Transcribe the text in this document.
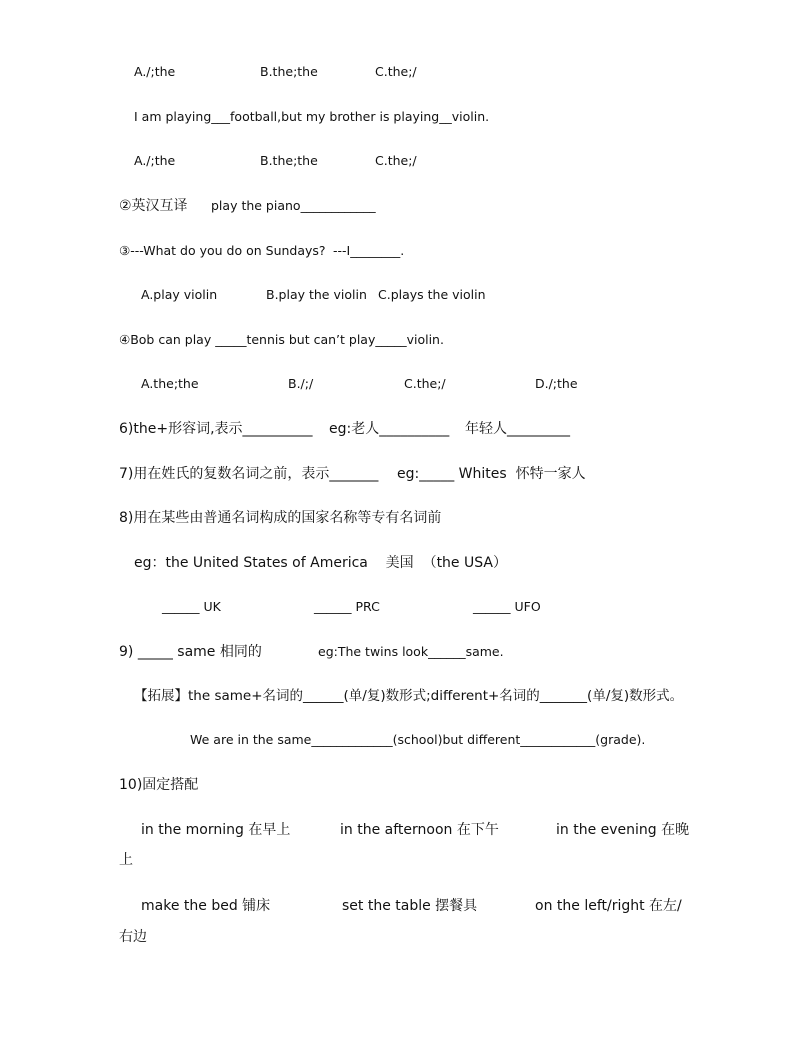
A./;the	B.the;the	C.the;/
I am playing___football,but my brother is playing__violin.
A./;the	B.the;the	C.the;/
②英汉互译 play the piano____________
③---What do you do on Sundays? ---I________.
A.play violin	B.play the violin C.plays the violin
④Bob can play _____tennis but can’t play_____violin.
A.the;the	B./;/	C.the;/	D./;the
6)the+形容词,表示__________ eg:老人__________ 年轻人_________
7)用在姓氏的复数名词之前，表示_______ eg:_____ Whites  怀特一家人
8)用在某些由普通名词构成的国家名称等专有名词前
eg：the United States of America    美国  （the USA）
______ UK	______ PRC	______ UFO
9) _____ same 相同的	eg:The twins look______same.
【拓展】the same+名词的______(单/复)数形式;different+名词的_______(单/复)数形式。
We are in the same_____________(school)but different____________(grade).
10)固定搭配
in the morning 在早上	in the afternoon 在下午	in the evening 在晚
上
make the bed 铺床	set the table 摆餐具	on the left/right 在左/
右边
